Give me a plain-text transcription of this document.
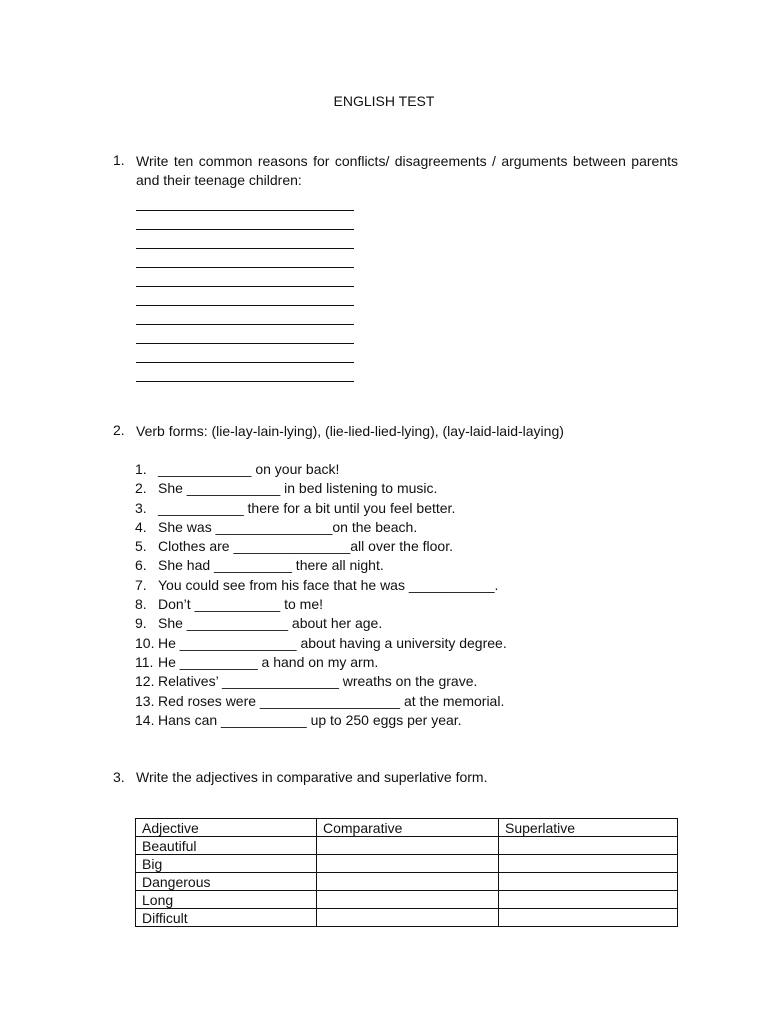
ENGLISH TEST
1. Write ten common reasons for conflicts/ disagreements / arguments between parents and their teenage children:
2. Verb forms: (lie-lay-lain-lying), (lie-lied-lied-lying), (lay-laid-laid-laying)
1. ____________ on your back!
2. She ____________ in bed listening to music.
3. ___________ there for a bit until you feel better.
4. She was _______________on the beach.
5. Clothes are _______________all over the floor.
6. She had __________ there all night.
7. You could see from his face that he was ___________.
8. Don’t ___________ to me!
9. She _____________ about her age.
10. He _______________ about having a university degree.
11. He __________ a hand on my arm.
12. Relatives’ _______________ wreaths on the grave.
13. Red roses were __________________ at the memorial.
14. Hans can ___________ up to 250 eggs per year.
3. Write the adjectives in comparative and superlative form.
Adjective	Comparative	Superlative
Beautiful		
Big		
Dangerous		
Long		
Difficult		
